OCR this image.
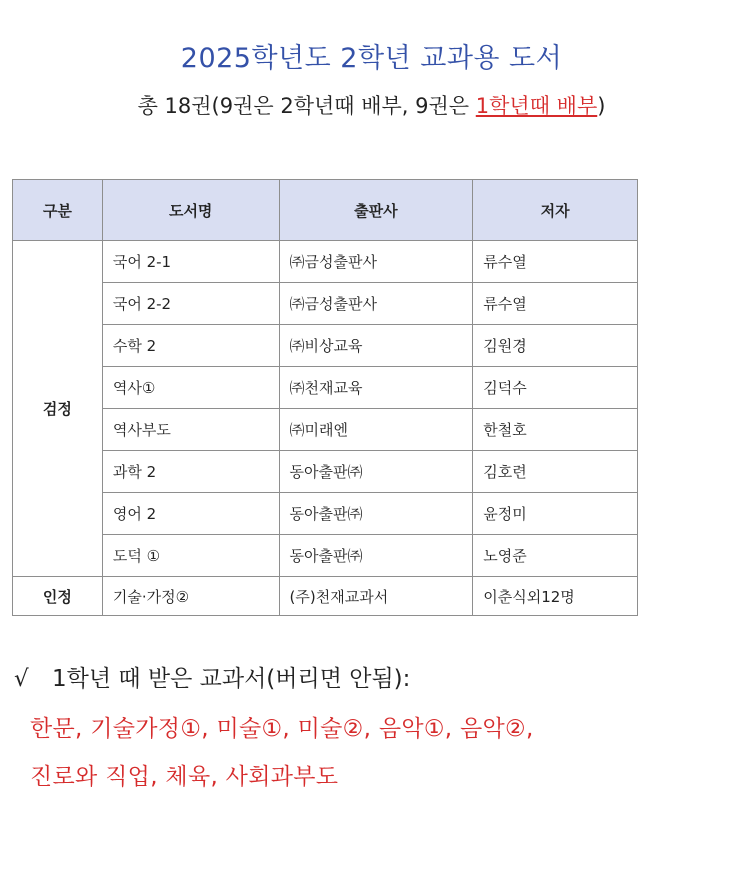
2025학년도 2학년 교과용 도서
총 18권(9권은 2학년때 배부, 9권은 1학년때 배부)
구분	도서명	출판사	저자
검정	국어 2-1	㈜금성출판사	류수열
	국어 2-2	㈜금성출판사	류수열
	수학 2	㈜비상교육	김원경
	역사①	㈜천재교육	김덕수
	역사부도	㈜미래엔	한철호
	과학 2	동아출판㈜	김호련
	영어 2	동아출판㈜	윤정미
	도덕 ①	동아출판㈜	노영준
인정	기술·가정②	(주)천재교과서	이춘식외12명
√ 1학년 때 받은 교과서(버리면 안됨):
한문, 기술가정①, 미술①, 미술②, 음악①, 음악②,
진로와 직업, 체육, 사회과부도
